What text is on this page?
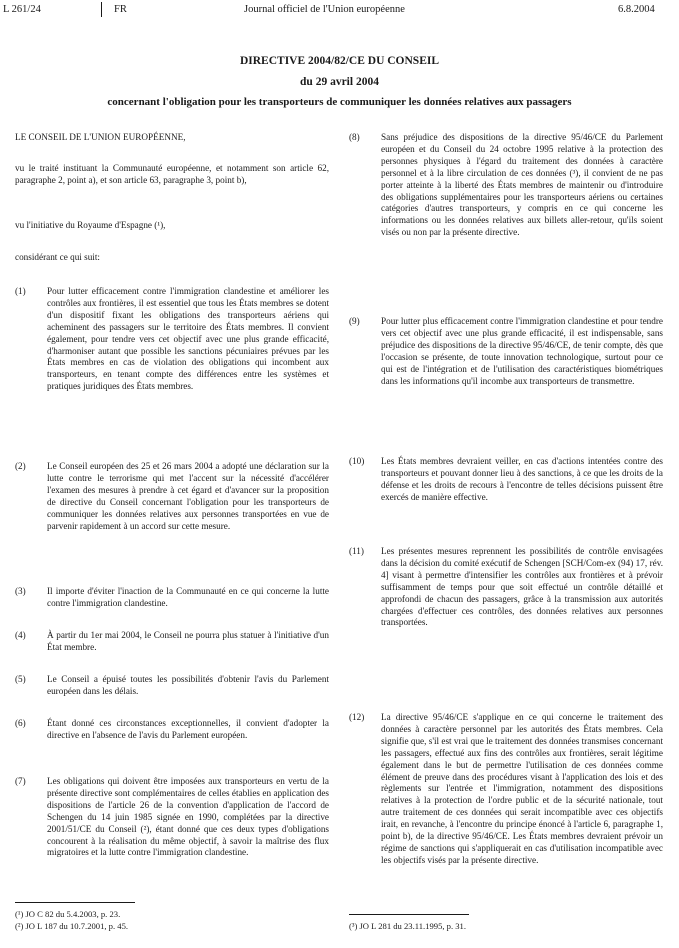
L 261/24	FR	Journal officiel de l'Union européenne	6.8.2004
DIRECTIVE 2004/82/CE DU CONSEIL
du 29 avril 2004
concernant l'obligation pour les transporteurs de communiquer les données relatives aux passagers

LE CONSEIL DE L'UNION EUROPÉENNE,

vu le traité instituant la Communauté européenne, et notamment son article 62, paragraphe 2, point a), et son article 63, paragraphe 3, point b),

vu l'initiative du Royaume d'Espagne (¹),

considérant ce qui suit:

(1)	Pour lutter efficacement contre l'immigration clandestine et améliorer les contrôles aux frontières, il est essentiel que tous les États membres se dotent d'un dispositif fixant les obligations des transporteurs aériens qui acheminent des passagers sur le territoire des États membres. Il convient également, pour tendre vers cet objectif avec une plus grande efficacité, d'harmoniser autant que possible les sanctions pécuniaires prévues par les États membres en cas de violation des obligations qui incombent aux transporteurs, en tenant compte des différences entre les systèmes et pratiques juridiques des États membres.
(2)	Le Conseil européen des 25 et 26 mars 2004 a adopté une déclaration sur la lutte contre le terrorisme qui met l'accent sur la nécessité d'accélérer l'examen des mesures à prendre à cet égard et d'avancer sur la proposition de directive du Conseil concernant l'obligation pour les transporteurs de communiquer les données relatives aux personnes transportées en vue de parvenir rapidement à un accord sur cette mesure.
(3)	Il importe d'éviter l'inaction de la Communauté en ce qui concerne la lutte contre l'immigration clandestine.
(4)	À partir du 1er mai 2004, le Conseil ne pourra plus statuer à l'initiative d'un État membre.
(5)	Le Conseil a épuisé toutes les possibilités d'obtenir l'avis du Parlement européen dans les délais.
(6)	Étant donné ces circonstances exceptionnelles, il convient d'adopter la directive en l'absence de l'avis du Parlement européen.
(7)	Les obligations qui doivent être imposées aux transporteurs en vertu de la présente directive sont complémentaires de celles établies en application des dispositions de l'article 26 de la convention d'application de l'accord de Schengen du 14 juin 1985 signée en 1990, complétées par la directive 2001/51/CE du Conseil (²), étant donné que ces deux types d'obligations concourent à la réalisation du même objectif, à savoir la maîtrise des flux migratoires et la lutte contre l'immigration clandestine.
(¹) JO C 82 du 5.4.2003, p. 23.
(²) JO L 187 du 10.7.2001, p. 45.
(8)	Sans préjudice des dispositions de la directive 95/46/CE du Parlement européen et du Conseil du 24 octobre 1995 relative à la protection des personnes physiques à l'égard du traitement des données à caractère personnel et à la libre circulation de ces données (³), il convient de ne pas porter atteinte à la liberté des États membres de maintenir ou d'introduire des obligations supplémentaires pour les transporteurs aériens ou certaines catégories d'autres transporteurs, y compris en ce qui concerne les informations ou les données relatives aux billets aller-retour, qu'ils soient visés ou non par la présente directive.
(9)	Pour lutter plus efficacement contre l'immigration clandestine et pour tendre vers cet objectif avec une plus grande efficacité, il est indispensable, sans préjudice des dispositions de la directive 95/46/CE, de tenir compte, dès que l'occasion se présente, de toute innovation technologique, surtout pour ce qui est de l'intégration et de l'utilisation des caractéristiques biométriques dans les informations qu'il incombe aux transporteurs de transmettre.
(10)	Les États membres devraient veiller, en cas d'actions intentées contre des transporteurs et pouvant donner lieu à des sanctions, à ce que les droits de la défense et les droits de recours à l'encontre de telles décisions puissent être exercés de manière effective.
(11)	Les présentes mesures reprennent les possibilités de contrôle envisagées dans la décision du comité exécutif de Schengen [SCH/Com-ex (94) 17, rév. 4] visant à permettre d'intensifier les contrôles aux frontières et à prévoir suffisamment de temps pour que soit effectué un contrôle détaillé et approfondi de chacun des passagers, grâce à la transmission aux autorités chargées d'effectuer ces contrôles, des données relatives aux personnes transportées.
(12)	La directive 95/46/CE s'applique en ce qui concerne le traitement des données à caractère personnel par les autorités des États membres. Cela signifie que, s'il est vrai que le traitement des données transmises concernant les passagers, effectué aux fins des contrôles aux frontières, serait légitime également dans le but de permettre l'utilisation de ces données comme élément de preuve dans des procédures visant à l'application des lois et des règlements sur l'entrée et l'immigration, notamment des dispositions relatives à la protection de l'ordre public et de la sécurité nationale, tout autre traitement de ces données qui serait incompatible avec ces objectifs irait, en revanche, à l'encontre du principe énoncé à l'article 6, paragraphe 1, point b), de la directive 95/46/CE. Les États membres devraient prévoir un régime de sanctions qui s'appliquerait en cas d'utilisation incompatible avec les objectifs visés par la présente directive.
(³) JO L 281 du 23.11.1995, p. 31.
